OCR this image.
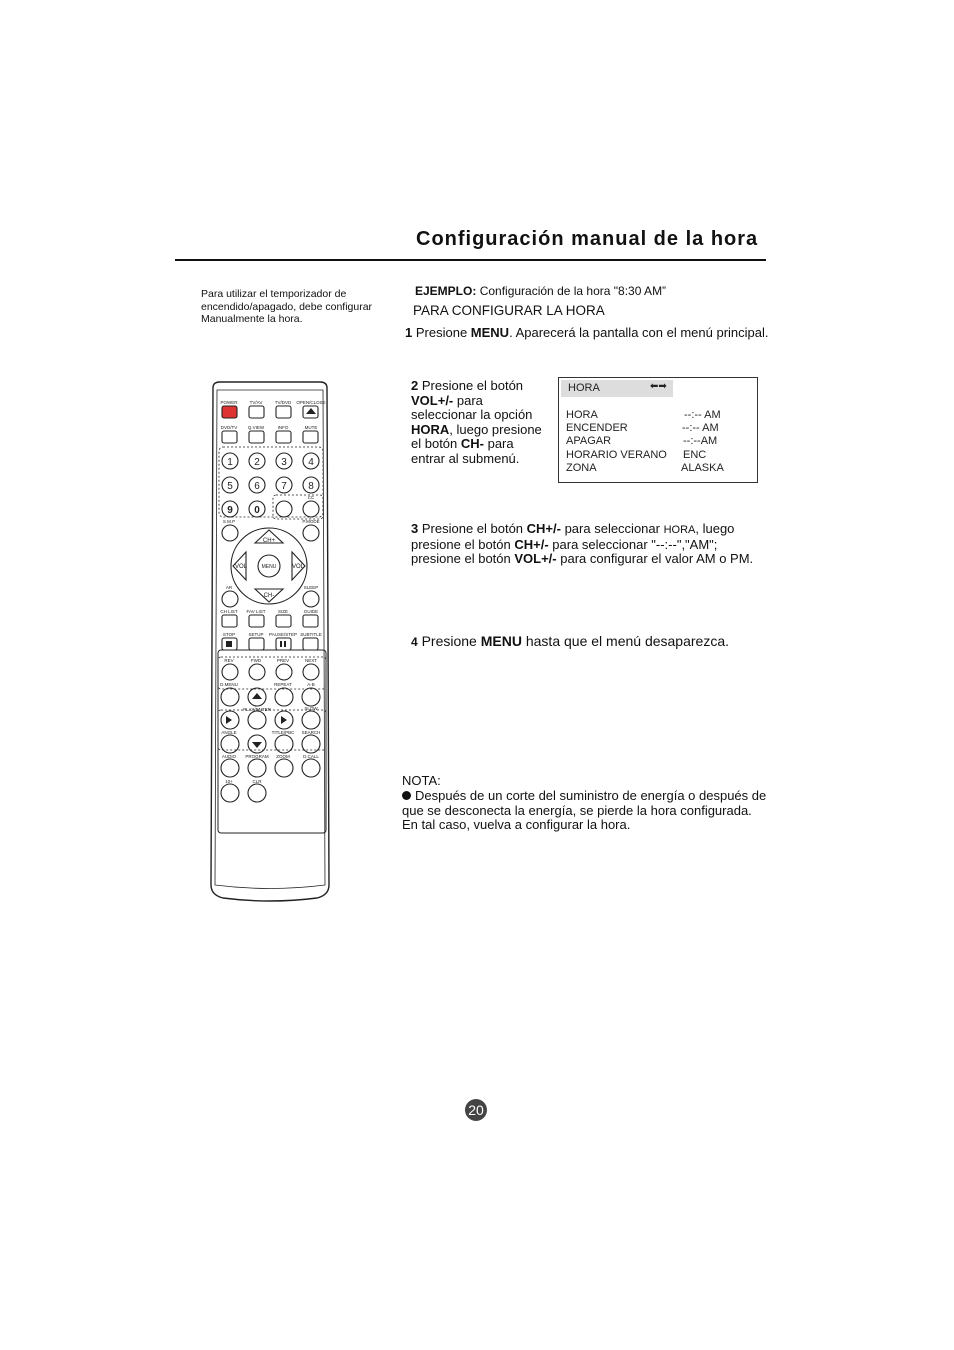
Configuración manual de la hora
Para utilizar el temporizador de encendido/apagado, debe configurar Manualmente la hora.
EJEMPLO: Configuración de la hora "8:30 AM”
PARA CONFIGURAR LA HORA
1 Presione MENU. Aparecerá la pantalla con el menú principal.
2 Presione el botón VOL+/- para seleccionar la opción HORA, luego presione el botón CH- para entrar al submenú.
HORA	⬅➡
HORA	--:-- AM
ENCENDER	--:-- AM
APAGAR	--:--AM
HORARIO VERANO ENC
ZONA	ALASKA
3 Presione el botón CH+/- para seleccionar HORA, luego presione el botón CH+/- para seleccionar "--:--","AM"; presione el botón VOL+/- para configurar el valor AM o PM.
4 Presione MENU hasta que el menú desaparezca.
NOTA:
Después de un corte del suministro de energía o después de que se desconecta la energía, se pierde la hora configurada. En tal caso, vuelva a configurar la hora.
20
POWER	TV/AV	TV/DVD OPEN/CLOSE
DVD/TV Q.VIEW	INFO	MUTE
CC
S.M.P	P.MODE
AR	SLEEP
CH LIST FAV LIST	SIZE	GUIDE
STOP	SETUP PAUSE/STEP SUBTITLE
REV	FWD	PREV	NEXT
D.MENU	REPEAT	A-B
PLAY/ENTER	SLOW
ANGLE	TITLE/PBC SEARCH
AUDIO PROGRAM ZOOM	D.CALL
10+	CLR
CH+
CH-
VOL	VOL
MENU
1 2 3 4
5 6 7 8
9 0
